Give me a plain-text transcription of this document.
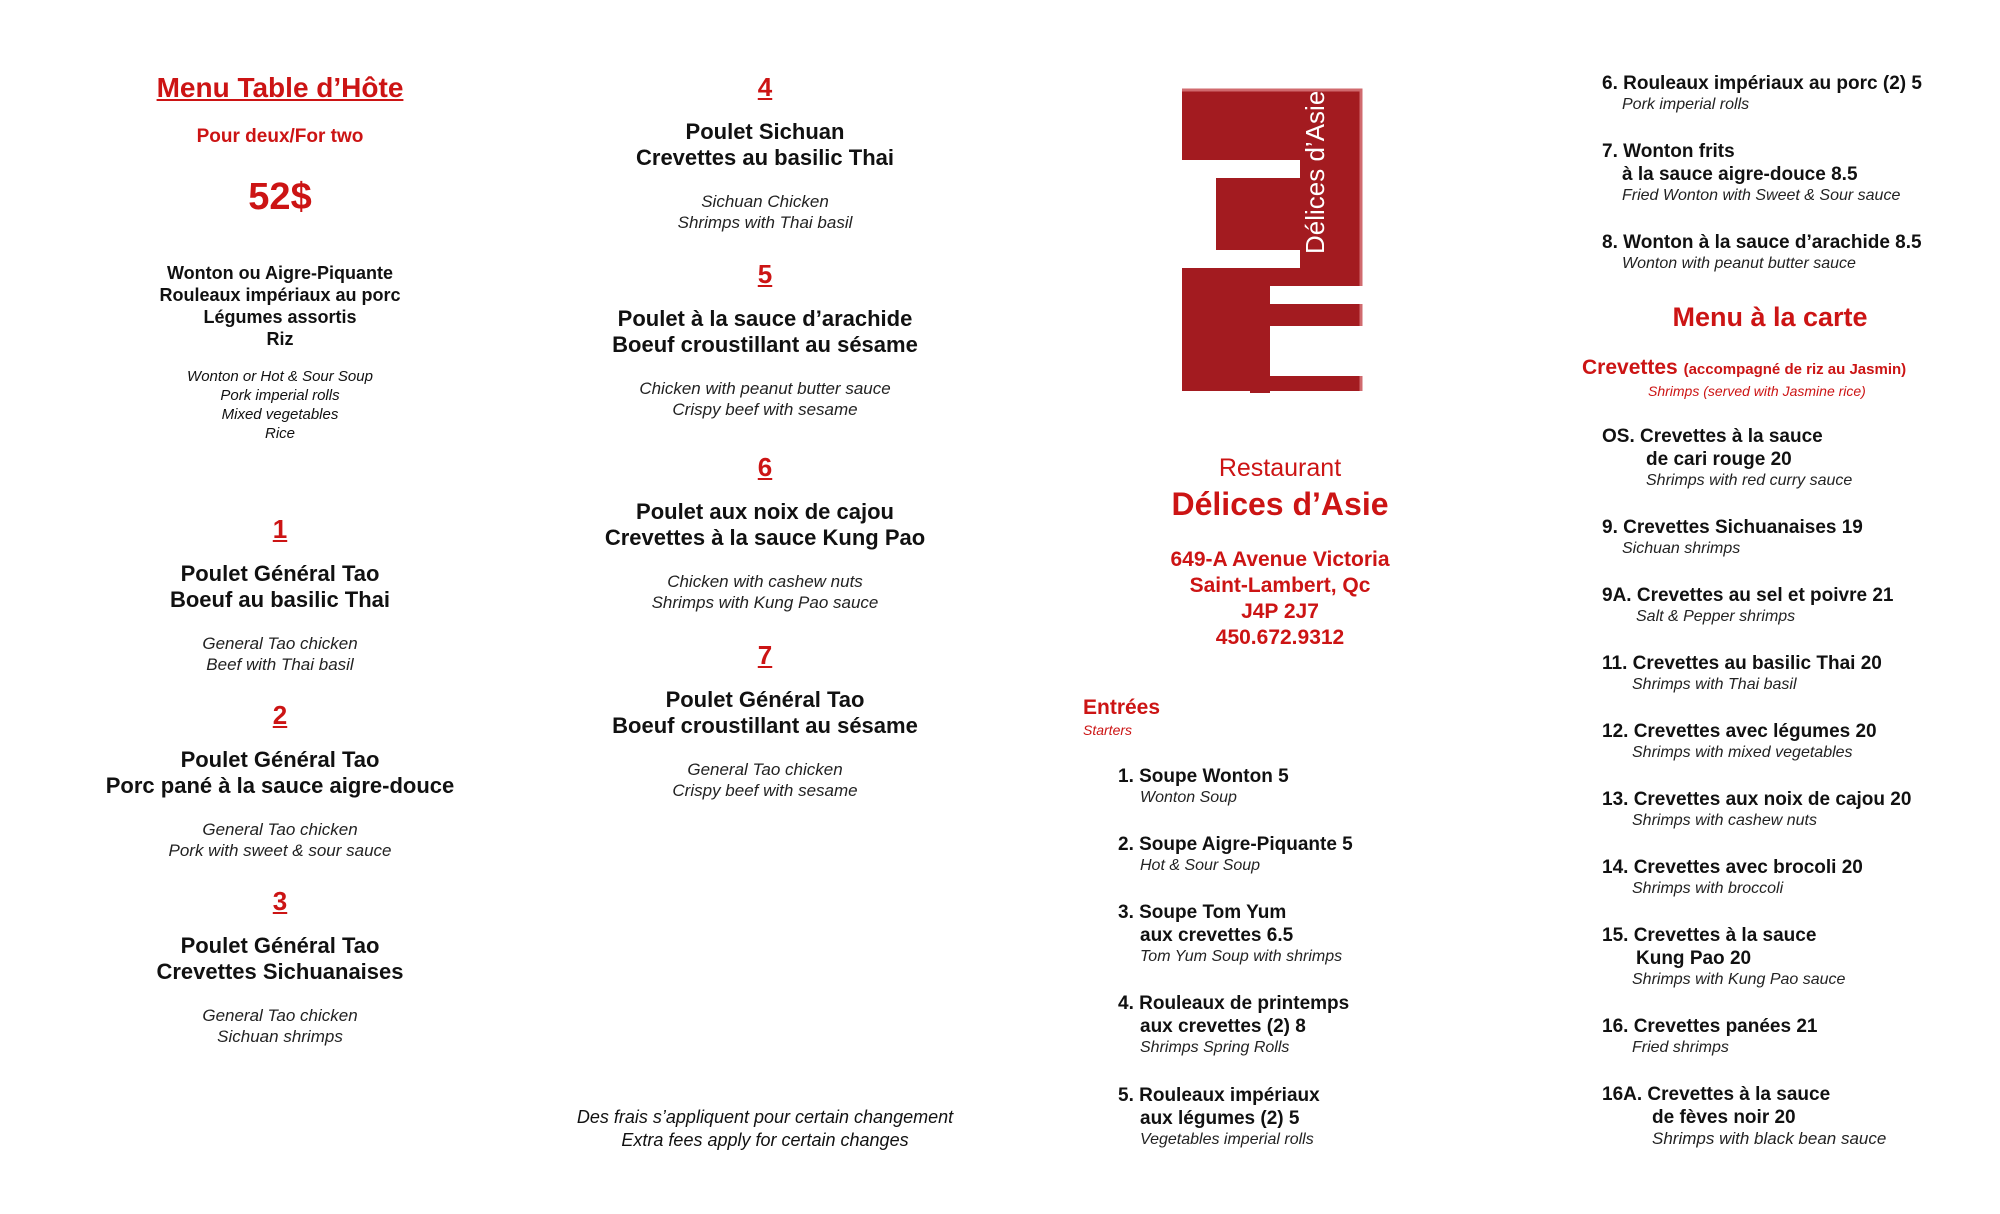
Menu Table d’Hôte
Pour deux/For two
52$
Wonton ou Aigre-Piquante
Rouleaux impériaux au porc
Légumes assortis
Riz
Wonton or Hot & Sour Soup
Pork imperial rolls
Mixed vegetables
Rice
1
Poulet Général Tao
Boeuf au basilic Thai
General Tao chicken
Beef with Thai basil
2
Poulet Général Tao
Porc pané à la sauce aigre-douce
General Tao chicken
Pork with sweet & sour sauce
3
Poulet Général Tao
Crevettes Sichuanaises
General Tao chicken
Sichuan shrimps
4
Poulet Sichuan
Crevettes au basilic Thai
Sichuan Chicken
Shrimps with Thai basil
5
Poulet à la sauce d’arachide
Boeuf croustillant au sésame
Chicken with peanut butter sauce
Crispy beef with sesame
6
Poulet aux noix de cajou
Crevettes à la sauce Kung Pao
Chicken with cashew nuts
Shrimps with Kung Pao sauce
7
Poulet Général Tao
Boeuf croustillant au sésame
General Tao chicken
Crispy beef with sesame
Des frais s’appliquent pour certain changement
Extra fees apply for certain changes
Délices d’Asie
Restaurant
Délices d’Asie
649-A Avenue Victoria
Saint-Lambert, Qc
J4P 2J7
450.672.9312
Entrées
Starters
1. Soupe Wonton 5
Wonton Soup
2. Soupe Aigre-Piquante 5
Hot & Sour Soup
3. Soupe Tom Yum
aux crevettes 6.5
Tom Yum Soup with shrimps
4. Rouleaux de printemps
aux crevettes (2) 8
Shrimps Spring Rolls
5. Rouleaux impériaux
aux légumes (2) 5
Vegetables imperial rolls
6. Rouleaux impériaux au porc (2) 5
Pork imperial rolls
7. Wonton frits
à la sauce aigre-douce 8.5
Fried Wonton with Sweet & Sour sauce
8. Wonton à la sauce d’arachide 8.5
Wonton with peanut butter sauce
Menu à la carte
Crevettes (accompagné de riz au Jasmin)
Shrimps (served with Jasmine rice)
OS. Crevettes à la sauce
de cari rouge 20
Shrimps with red curry sauce
9. Crevettes Sichuanaises 19
Sichuan shrimps
9A. Crevettes au sel et poivre 21
Salt & Pepper shrimps
11. Crevettes au basilic Thai 20
Shrimps with Thai basil
12. Crevettes avec légumes 20
Shrimps with mixed vegetables
13. Crevettes aux noix de cajou 20
Shrimps with cashew nuts
14. Crevettes avec brocoli 20
Shrimps with broccoli
15. Crevettes à la sauce
Kung Pao 20
Shrimps with Kung Pao sauce
16. Crevettes panées 21
Fried shrimps
16A. Crevettes à la sauce
de fèves noir 20
Shrimps with black bean sauce
